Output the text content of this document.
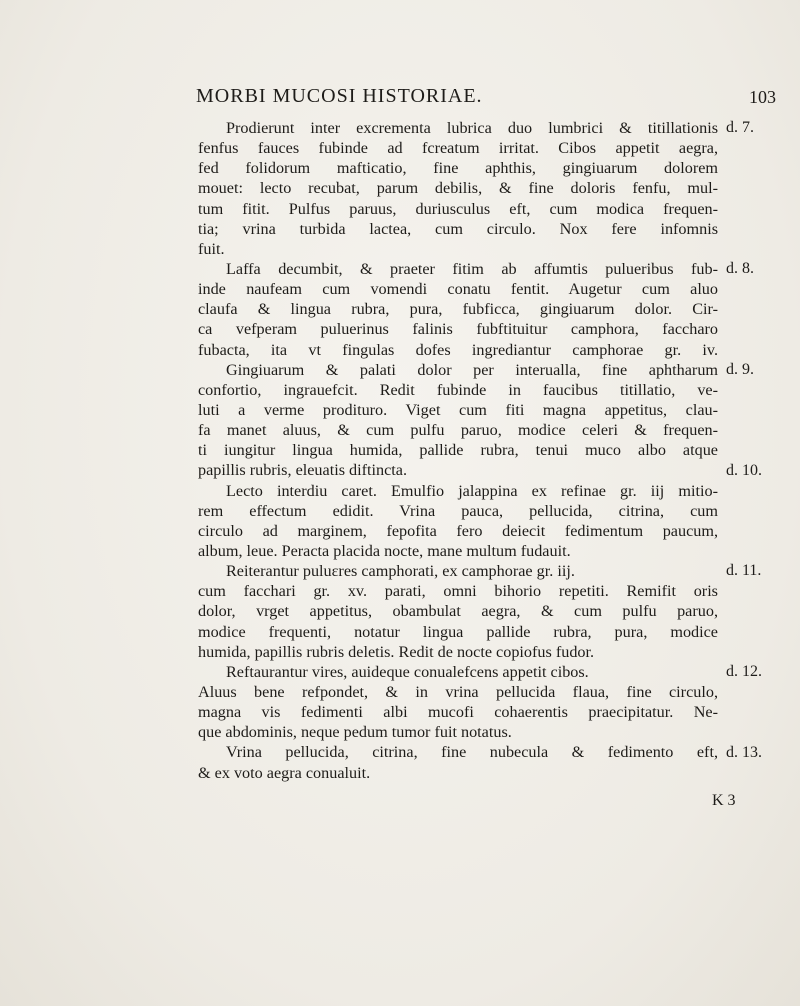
MORBI MUCOSI HISTORIAE.	103
Prodierunt inter excrementa lubrica duo lumbrici & titillationis
fenfus fauces fubinde ad fcreatum irritat. Cibos appetit aegra,
fed folidorum mafticatio, fine aphthis, gingiuarum dolorem
mouet: lecto recubat, parum debilis, & fine doloris fenfu, mul-
tum fitit. Pulfus paruus, duriusculus eft, cum modica frequen-
tia; vrina turbida lactea, cum circulo. Nox fere infomnis
fuit.
Laffa decumbit, & praeter fitim ab affumtis pulueribus fub-
inde naufeam cum vomendi conatu fentit. Augetur cum aluo
claufa & lingua rubra, pura, fubficca, gingiuarum dolor. Cir-
ca vefperam puluerinus falinis fubftituitur camphora, faccharo
fubacta, ita vt fingulas dofes ingrediantur camphorae gr. iv.
Gingiuarum & palati dolor per interualla, fine aphtharum
confortio, ingrauefcit. Redit fubinde in faucibus titillatio, ve-
luti a verme prodituro. Viget cum fiti magna appetitus, clau-
fa manet aluus, & cum pulfu paruo, modice celeri & frequen-
ti iungitur lingua humida, pallide rubra, tenui muco albo atque
papillis rubris, eleuatis diftincta.
Lecto interdiu caret. Emulfio jalappina ex refinae gr. iij mitio-
rem effectum edidit. Vrina pauca, pellucida, citrina, cum
circulo ad marginem, fepofita fero deiecit fedimentum paucum,
album, leue. Peracta placida nocte, mane multum fudauit.
Reiterantur puluεres camphorati, ex camphorae gr. iij.
cum facchari gr. xv. parati, omni bihorio repetiti. Remifit oris
dolor, vrget appetitus, obambulat aegra, & cum pulfu paruo,
modice frequenti, notatur lingua pallide rubra, pura, modice
humida, papillis rubris deletis. Redit de nocte copiofus fudor.
Reftaurantur vires, auideque conualefcens appetit cibos.
Aluus bene refpondet, & in vrina pellucida flaua, fine circulo,
magna vis fedimenti albi mucofi cohaerentis praecipitatur. Ne-
que abdominis, neque pedum tumor fuit notatus.
Vrina pellucida, citrina, fine nubecula & fedimento eft,
& ex voto aegra conualuit.
d. 7.
d. 8.
d. 9.
d. 10.
d. 11.
d. 12.
d. 13.
K 3
